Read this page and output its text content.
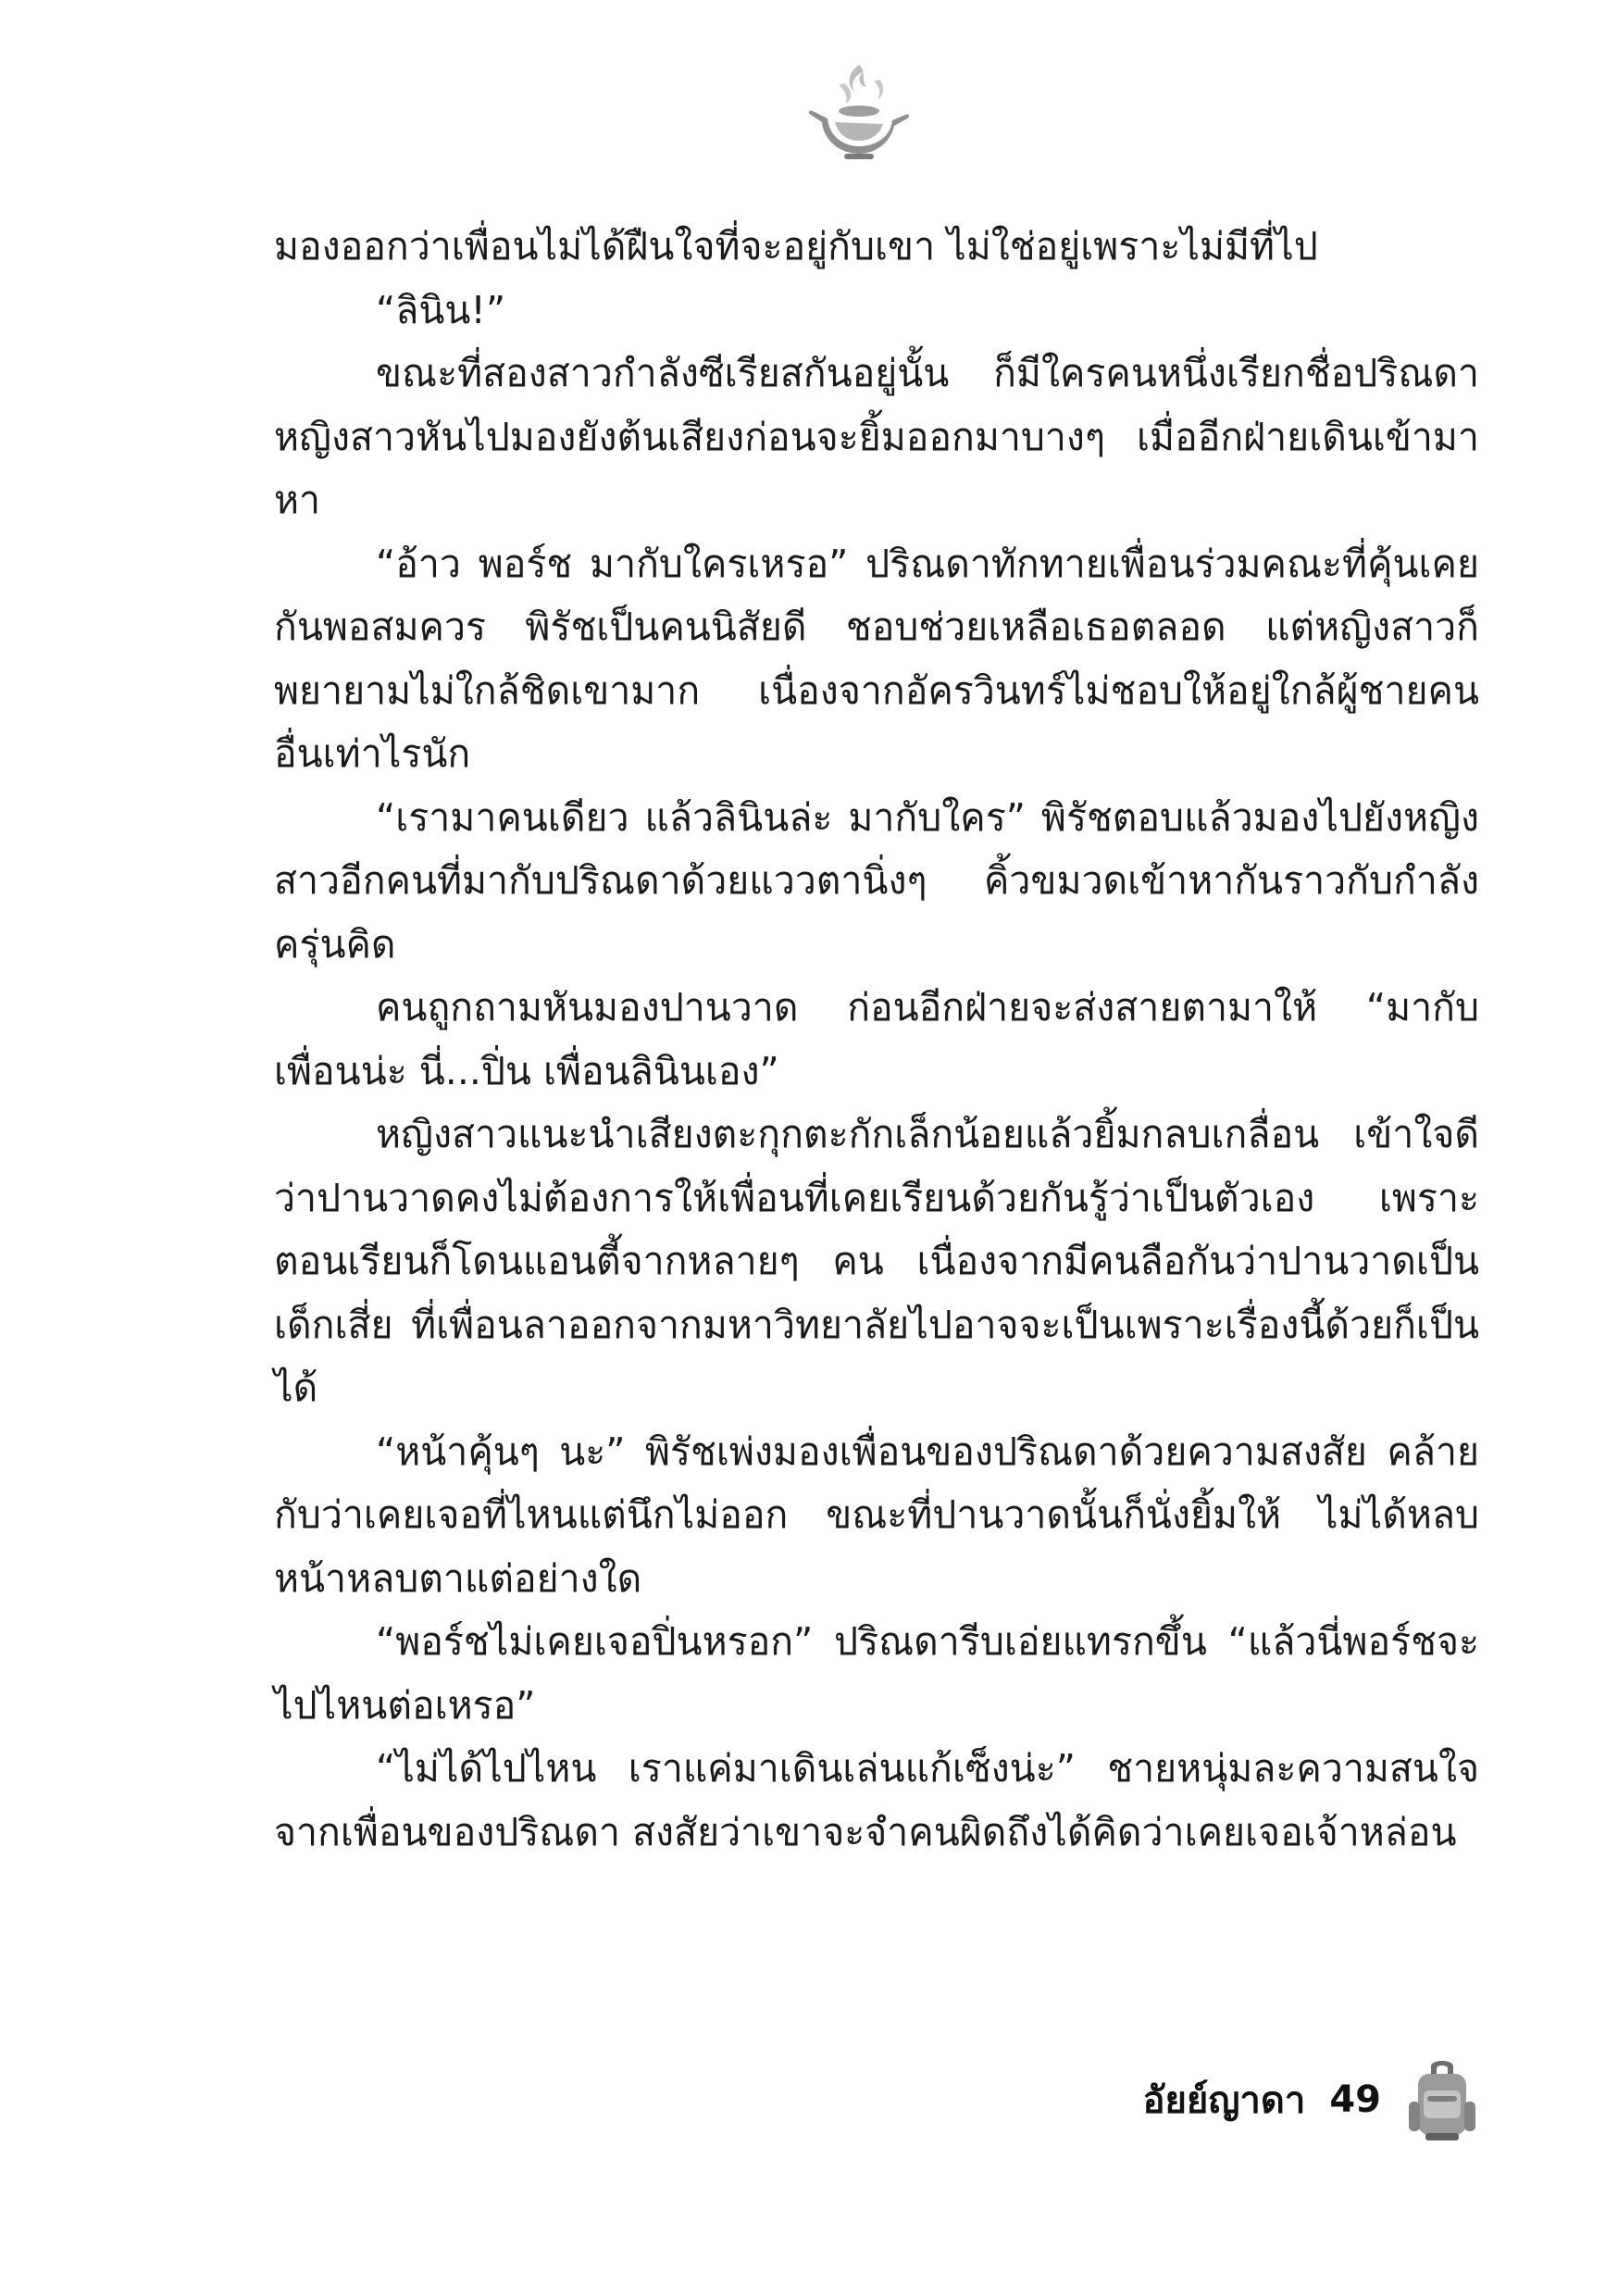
มองออกว่าเพื่อนไม่ได้ฝืนใจที่จะอยู่กับเขา ไม่ใช่อยู่เพราะไม่มีที่ไป

“ลินิน!”

ขณะที่สองสาวกำลังซีเรียสกันอยู่นั้น ก็มีใครคนหนึ่งเรียกชื่อปริณดา หญิงสาวหันไปมองยังต้นเสียงก่อนจะยิ้มออกมาบางๆ เมื่ออีกฝ่ายเดินเข้ามาหา

“อ้าว พอร์ช มากับใครเหรอ” ปริณดาทักทายเพื่อนร่วมคณะที่คุ้นเคยกันพอสมควร พิรัชเป็นคนนิสัยดี ชอบช่วยเหลือเธอตลอด แต่หญิงสาวก็พยายามไม่ใกล้ชิดเขามาก เนื่องจากอัครวินทร์ไม่ชอบให้อยู่ใกล้ผู้ชายคนอื่นเท่าไรนัก

“เรามาคนเดียว แล้วลินินล่ะ มากับใคร” พิรัชตอบแล้วมองไปยังหญิงสาวอีกคนที่มากับปริณดาด้วยแววตานิ่งๆ คิ้วขมวดเข้าหากันราวกับกำลังครุ่นคิด

คนถูกถามหันมองปานวาด ก่อนอีกฝ่ายจะส่งสายตามาให้ “มากับเพื่อนน่ะ นี่...ปิ่น เพื่อนลินินเอง”

หญิงสาวแนะนำเสียงตะกุกตะกักเล็กน้อยแล้วยิ้มกลบเกลื่อน เข้าใจดีว่าปานวาดคงไม่ต้องการให้เพื่อนที่เคยเรียนด้วยกันรู้ว่าเป็นตัวเอง เพราะตอนเรียนก็โดนแอนตี้จากหลายๆ คน เนื่องจากมีคนลือกันว่าปานวาดเป็นเด็กเสี่ย ที่เพื่อนลาออกจากมหาวิทยาลัยไปอาจจะเป็นเพราะเรื่องนี้ด้วยก็เป็นได้

“หน้าคุ้นๆ นะ” พิรัชเพ่งมองเพื่อนของปริณดาด้วยความสงสัย คล้ายกับว่าเคยเจอที่ไหนแต่นึกไม่ออก ขณะที่ปานวาดนั้นก็นั่งยิ้มให้ ไม่ได้หลบหน้าหลบตาแต่อย่างใด

“พอร์ชไม่เคยเจอปิ่นหรอก” ปริณดารีบเอ่ยแทรกขึ้น “แล้วนี่พอร์ชจะไปไหนต่อเหรอ”

“ไม่ได้ไปไหน เราแค่มาเดินเล่นแก้เซ็งน่ะ” ชายหนุ่มละความสนใจจากเพื่อนของปริณดา สงสัยว่าเขาจะจำคนผิดถึงได้คิดว่าเคยเจอเจ้าหล่อน

อัยย์ญาดา 49
